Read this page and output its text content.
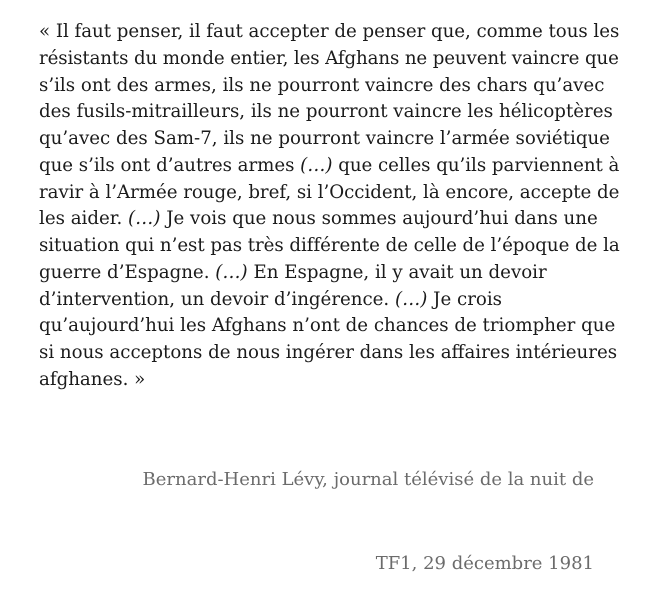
« Il faut penser, il faut accepter de penser que, comme tous les
résistants du monde entier, les Afghans ne peuvent vaincre que
s’ils ont des armes, ils ne pourront vaincre des chars qu’avec
des fusils-mitrailleurs, ils ne pourront vaincre les hélicoptères
qu’avec des Sam-7, ils ne pourront vaincre l’armée soviétique
que s’ils ont d’autres armes (…) que celles qu’ils parviennent à
ravir à l’Armée rouge, bref, si l’Occident, là encore, accepte de
les aider. (…) Je vois que nous sommes aujourd’hui dans une
situation qui n’est pas très différente de celle de l’époque de la
guerre d’Espagne. (…) En Espagne, il y avait un devoir
d’intervention, un devoir d’ingérence. (…) Je crois
qu’aujourd’hui les Afghans n’ont de chances de triompher que
si nous acceptons de nous ingérer dans les affaires intérieures
afghanes. »

Bernard-Henri Lévy, journal télévisé de la nuit de

TF1, 29 décembre 1981
